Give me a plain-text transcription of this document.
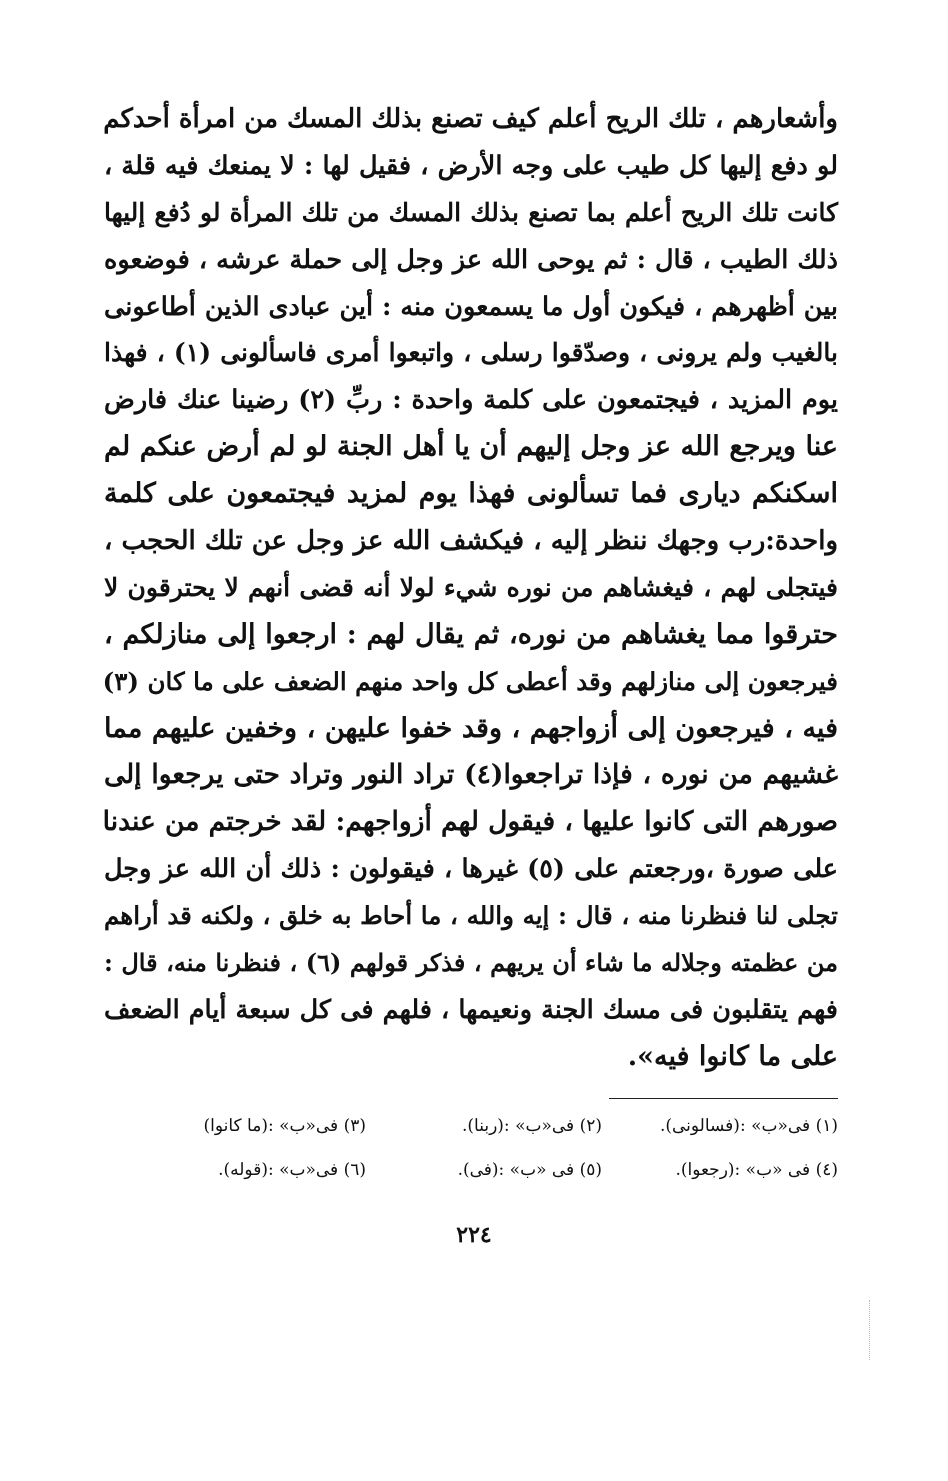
وأشعارهم ، تلك الريح أعلم كيف تصنع بذلك المسك من امرأة أحدكم
لو دفع إليها كل طيب على وجه الأرض ، فقيل لها : لا يمنعك فيه قلة ،
كانت تلك الريح أعلم بما تصنع بذلك المسك من تلك المرأة لو دُفع إليها
ذلك الطيب ، قال : ثم يوحى الله عز وجل إلى حملة عرشه ، فوضعوه
بين أظهرهم ، فيكون أول ما يسمعون منه : أين عبادى الذين أطاعونى
بالغيب ولم يرونى ، وصدّقوا رسلى ، واتبعوا أمرى فاسألونى (١) ، فهذا
يوم المزيد ، فيجتمعون على كلمة واحدة : ربِّ (٢) رضينا عنك فارض
عنا ويرجع الله عز وجل إليهم أن يا أهل الجنة لو لم أرض عنكم لم
اسكنكم ديارى فما تسألونى فهذا يوم لمزيد فيجتمعون على كلمة
واحدة:رب وجهك ننظر إليه ، فيكشف الله عز وجل عن تلك الحجب ،
فيتجلى لهم ، فيغشاهم من نوره شيء لولا أنه قضى أنهم لا يحترقون لا
حترقوا مما يغشاهم من نوره، ثم يقال لهم : ارجعوا إلى منازلكم ،
فيرجعون إلى منازلهم وقد أعطى كل واحد منهم الضعف على ما كان (٣)
فيه ، فيرجعون إلى أزواجهم ، وقد خفوا عليهن ، وخفين عليهم مما
غشيهم من نوره ، فإذا تراجعوا(٤) تراد النور وتراد حتى يرجعوا إلى
صورهم التى كانوا عليها ، فيقول لهم أزواجهم: لقد خرجتم من عندنا
على صورة ،ورجعتم على (٥) غيرها ، فيقولون : ذلك أن الله عز وجل
تجلى لنا فنظرنا منه ، قال : إيه والله ، ما أحاط به خلق ، ولكنه قد أراهم
من عظمته وجلاله ما شاء أن يريهم ، فذكر قولهم (٦) ، فنظرنا منه، قال :
فهم يتقلبون فى مسك الجنة ونعيمها ، فلهم فى كل سبعة أيام الضعف
على ما كانوا فيه».
(١) فى«ب» :(فسالونى).
(٢) فى«ب» :(ربنا).
(٣) فى«ب» :(ما كانوا)
(٤) فى «ب» :(رجعوا).
(٥) فى «ب» :(فى).
(٦) فى«ب» :(قوله).
٢٢٤
